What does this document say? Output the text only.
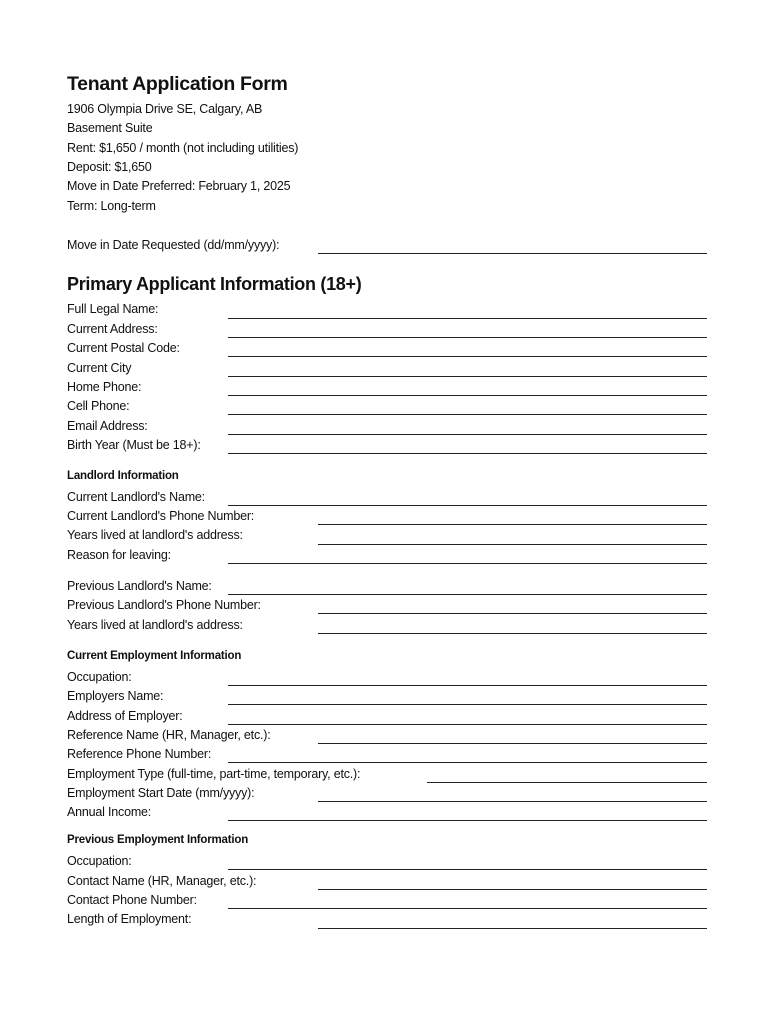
Tenant Application Form
1906 Olympia Drive SE, Calgary, AB
Basement Suite
Rent: $1,650 / month (not including utilities)
Deposit: $1,650
Move in Date Preferred: February 1, 2025
Term: Long-term
Move in Date Requested (dd/mm/yyyy):
Primary Applicant Information (18+)
Full Legal Name:
Current Address:
Current Postal Code:
Current City
Home Phone:
Cell Phone:
Email Address:
Birth Year (Must be 18+):
Landlord Information
Current Landlord's Name:
Current Landlord's Phone Number:
Years lived at landlord's address:
Reason for leaving:
Previous Landlord's Name:
Previous Landlord's Phone Number:
Years lived at landlord's address:
Current Employment Information
Occupation:
Employers Name:
Address of Employer:
Reference Name (HR, Manager, etc.):
Reference Phone Number:
Employment Type (full-time, part-time, temporary, etc.):
Employment Start Date (mm/yyyy):
Annual Income:
Previous Employment Information
Occupation:
Contact Name (HR, Manager, etc.):
Contact Phone Number:
Length of Employment:
